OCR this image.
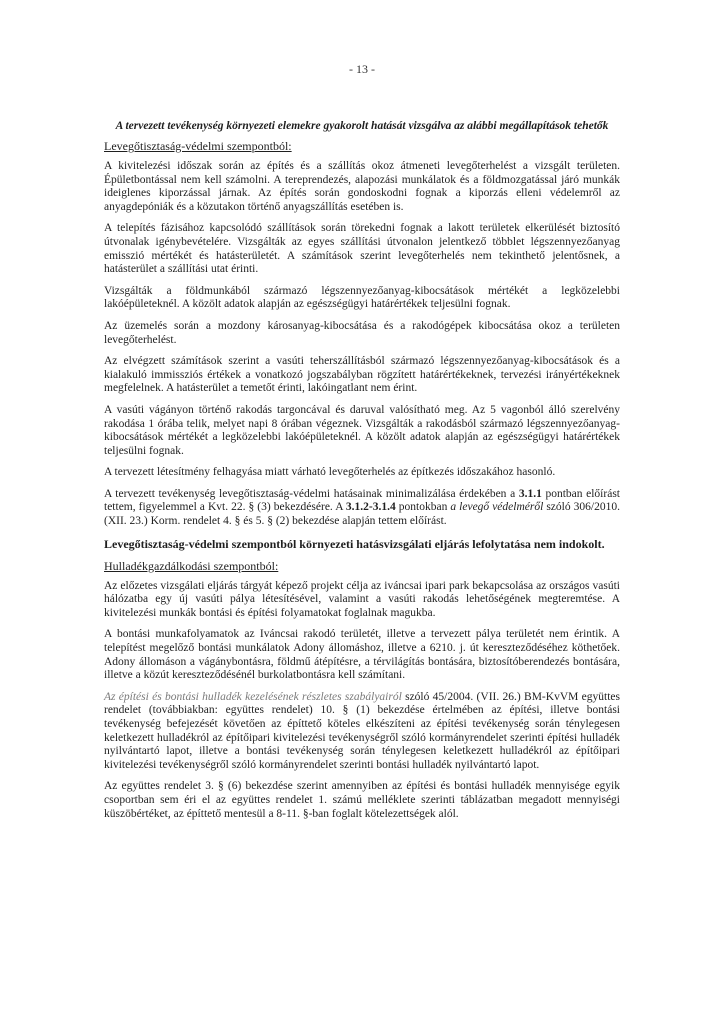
- 13 -
A tervezett tevékenység környezeti elemekre gyakorolt hatását vizsgálva az alábbi megállapítások tehetők
Levegőtisztaság-védelmi szempontból:
A kivitelezési időszak során az építés és a szállítás okoz átmeneti levegőterhelést a vizsgált területen. Épületbontással nem kell számolni. A tereprendezés, alapozási munkálatok és a földmozgatással járó munkák ideiglenes kiporzással járnak. Az építés során gondoskodni fognak a kiporzás elleni védelemről az anyagdepóniák és a közutakon történő anyagszállítás esetében is.
A telepítés fázisához kapcsolódó szállítások során törekedni fognak a lakott területek elkerülését biztosító útvonalak igénybevételére. Vizsgálták az egyes szállítási útvonalon jelentkező többlet légszennyezőanyag emisszió mértékét és hatásterületét. A számítások szerint levegőterhelés nem tekinthető jelentősnek, a hatásterület a szállítási utat érinti.
Vizsgálták a földmunkából származó légszennyezőanyag-kibocsátások mértékét a legközelebbi lakóépületeknél. A közölt adatok alapján az egészségügyi határértékek teljesülni fognak.
Az üzemelés során a mozdony károsanyag-kibocsátása és a rakodógépek kibocsátása okoz a területen levegőterhelést.
Az elvégzett számítások szerint a vasúti teherszállításból származó légszennyezőanyag-kibocsátások és a kialakuló immissziós értékek a vonatkozó jogszabályban rögzített határértékeknek, tervezési irányértékeknek megfelelnek. A hatásterület a temetőt érinti, lakóingatlant nem érint.
A vasúti vágányon történő rakodás targoncával és daruval valósítható meg. Az 5 vagonból álló szerelvény rakodása 1 órába telik, melyet napi 8 órában végeznek. Vizsgálták a rakodásból származó légszennyezőanyag-kibocsátások mértékét a legközelebbi lakóépületeknél. A közölt adatok alapján az egészségügyi határértékek teljesülni fognak.
A tervezett létesítmény felhagyása miatt várható levegőterhelés az építkezés időszakához hasonló.
A tervezett tevékenység levegőtisztaság-védelmi hatásainak minimalizálása érdekében a 3.1.1 pontban előírást tettem, figyelemmel a Kvt. 22. § (3) bekezdésére. A 3.1.2-3.1.4 pontokban a levegő védelméről szóló 306/2010. (XII. 23.) Korm. rendelet 4. § és 5. § (2) bekezdése alapján tettem előírást.
Levegőtisztaság-védelmi szempontból környezeti hatásvizsgálati eljárás lefolytatása nem indokolt.
Hulladékgazdálkodási szempontból:
Az előzetes vizsgálati eljárás tárgyát képező projekt célja az iváncsai ipari park bekapcsolása az országos vasúti hálózatba egy új vasúti pálya létesítésével, valamint a vasúti rakodás lehetőségének megteremtése. A kivitelezési munkák bontási és építési folyamatokat foglalnak magukba.
A bontási munkafolyamatok az Iváncsai rakodó területét, illetve a tervezett pálya területét nem érintik. A telepítést megelőző bontási munkálatok Adony állomáshoz, illetve a 6210. j. út kereszteződéséhez köthetőek. Adony állomáson a vágánybontásra, földmű átépítésre, a térvilágítás bontására, biztosítóberendezés bontására, illetve a közút kereszteződésénél burkolatbontásra kell számítani.
Az építési és bontási hulladék kezelésének részletes szabályairól szóló 45/2004. (VII. 26.) BM-KvVM együttes rendelet (továbbiakban: együttes rendelet) 10. § (1) bekezdése értelmében az építési, illetve bontási tevékenység befejezését követően az építtető köteles elkészíteni az építési tevékenység során ténylegesen keletkezett hulladékról az építőipari kivitelezési tevékenységről szóló kormányrendelet szerinti építési hulladék nyilvántartó lapot, illetve a bontási tevékenység során ténylegesen keletkezett hulladékról az építőipari kivitelezési tevékenységről szóló kormányrendelet szerinti bontási hulladék nyilvántartó lapot.
Az együttes rendelet 3. § (6) bekezdése szerint amennyiben az építési és bontási hulladék mennyisége egyik csoportban sem éri el az együttes rendelet 1. számú melléklete szerinti táblázatban megadott mennyiségi küszöbértéket, az építtető mentesül a 8-11. §-ban foglalt kötelezettségek alól.
